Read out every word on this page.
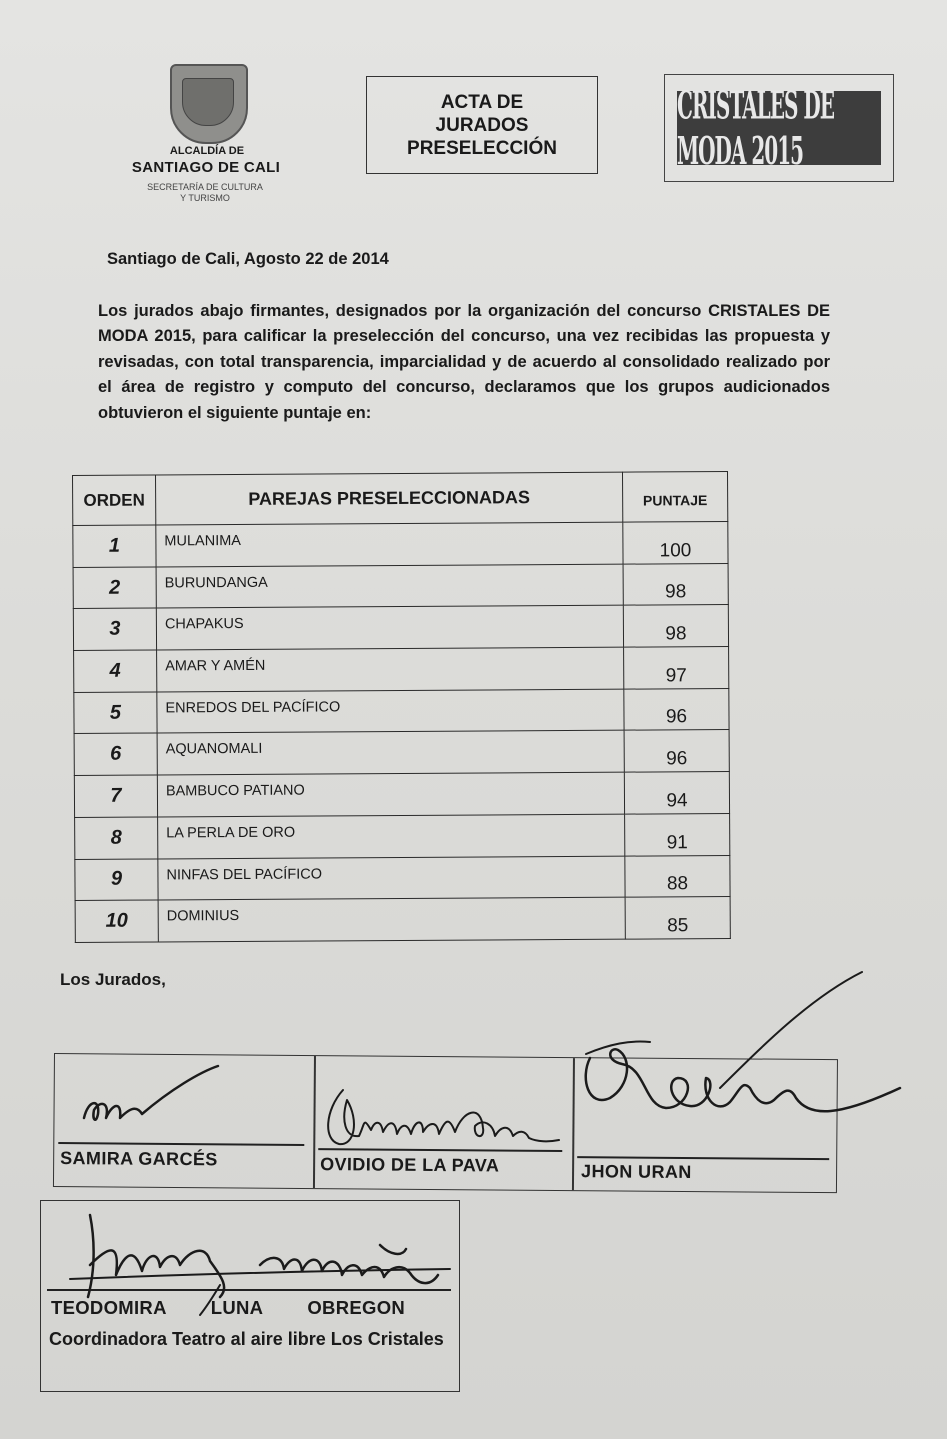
ALCALDÍA DE
SANTIAGO DE CALI
SECRETARÍA DE CULTURA
Y TURISMO
ACTA DE
JURADOS
PRESELECCIÓN
CRISTALES DE MODA 2015
Santiago de Cali, Agosto 22 de 2014
Los jurados abajo firmantes, designados por la organización del concurso CRISTALES DE MODA 2015, para calificar la preselección del concurso, una vez recibidas las propuesta y revisadas, con total transparencia, imparcialidad y de acuerdo al consolidado realizado por el área de registro y computo del concurso, declaramos que los grupos audicionados obtuvieron el siguiente puntaje en:
ORDEN	PAREJAS PRESELECCIONADAS	PUNTAJE
1	MULANIMA	100
2	BURUNDANGA	98
3	CHAPAKUS	98
4	AMAR Y AMÉN	97
5	ENREDOS DEL PACÍFICO	96
6	AQUANOMALI	96
7	BAMBUCO PATIANO	94
8	LA PERLA DE ORO	91
9	NINFAS DEL PACÍFICO	88
10	DOMINIUS	85
Los Jurados,
SAMIRA GARCÉS	OVIDIO DE LA PAVA	JHON URAN
TEODOMIRA LUNA OBREGON
Coordinadora Teatro al aire libre Los Cristales
